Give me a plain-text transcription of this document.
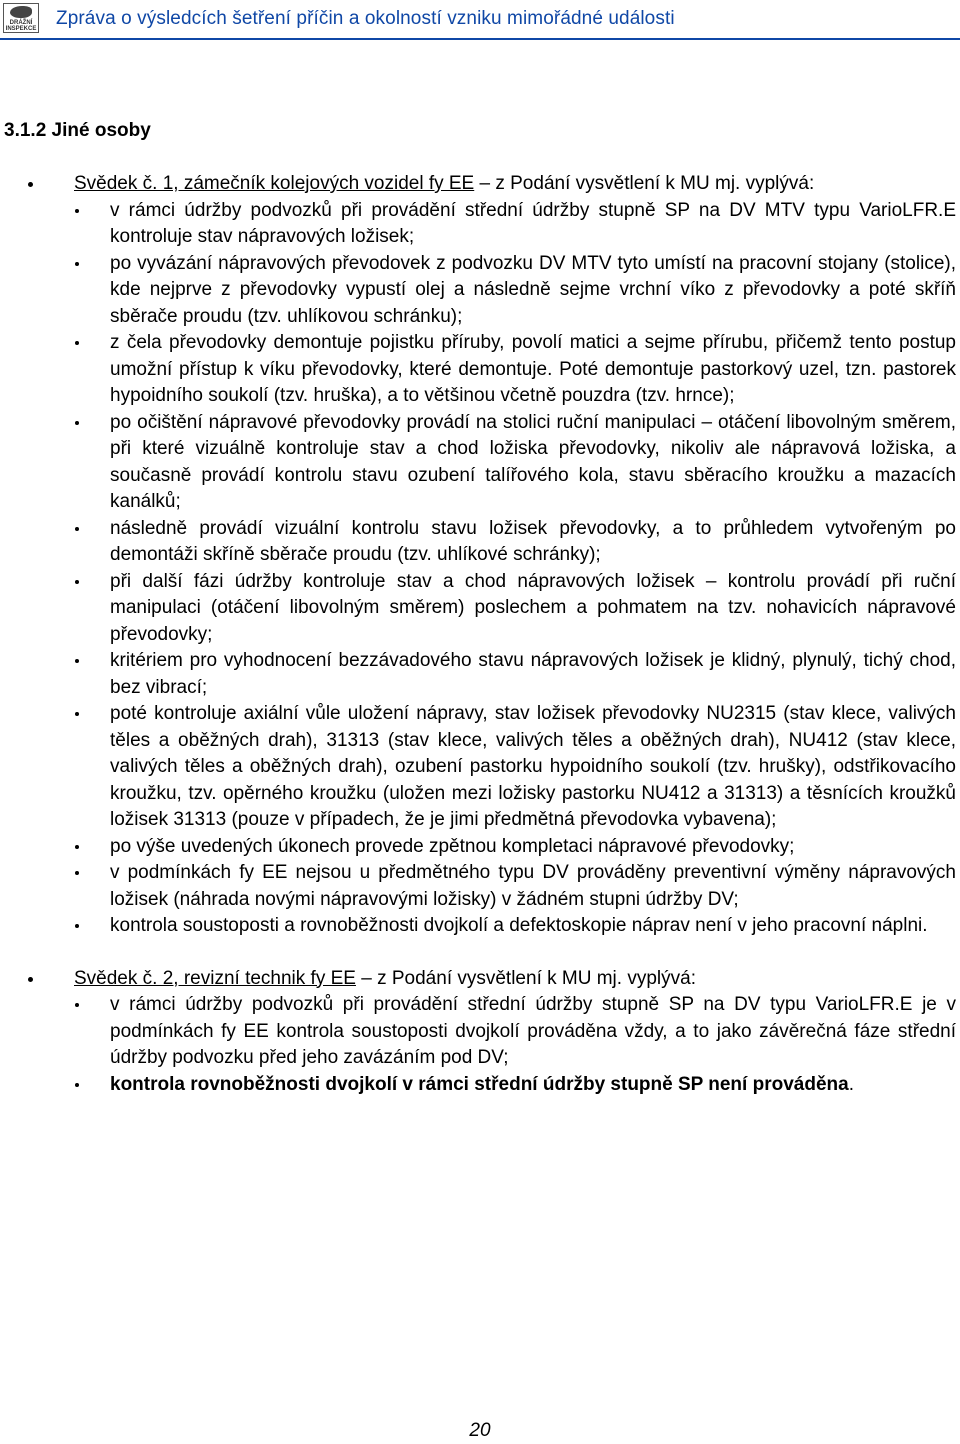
DRÁŽNÍ
INSPEKCE Zpráva o výsledcích šetření příčin a okolností vzniku mimořádné události
3.1.2 Jiné osoby
Svědek č. 1, zámečník kolejových vozidel fy EE – z Podání vysvětlení k MU mj. vyplývá:
v rámci údržby podvozků při provádění střední údržby stupně SP na DV MTV typu VarioLFR.E kontroluje stav nápravových ložisek;
po vyvázání nápravových převodovek z podvozku DV MTV tyto umístí na pracovní stojany (stolice), kde nejprve z převodovky vypustí olej a následně sejme vrchní víko z převodovky a poté skříň sběrače proudu (tzv. uhlíkovou schránku);
z čela převodovky demontuje pojistku příruby, povolí matici a sejme přírubu, přičemž tento postup umožní přístup k víku převodovky, které demontuje. Poté demontuje pastorkový uzel, tzn. pastorek hypoidního soukolí (tzv. hruška), a to většinou včetně pouzdra (tzv. hrnce);
po očištění nápravové převodovky provádí na stolici ruční manipulaci – otáčení libovolným směrem, při které vizuálně kontroluje stav a chod ložiska převodovky, nikoliv ale nápravová ložiska, a současně provádí kontrolu stavu ozubení talířového kola, stavu sběracího kroužku a mazacích kanálků;
následně provádí vizuální kontrolu stavu ložisek převodovky, a to průhledem vytvořeným po demontáži skříně sběrače proudu (tzv. uhlíkové schránky);
při další fázi údržby kontroluje stav a chod nápravových ložisek – kontrolu provádí při ruční manipulaci (otáčení libovolným směrem) poslechem a pohmatem na tzv. nohavicích nápravové převodovky;
kritériem pro vyhodnocení bezzávadového stavu nápravových ložisek je klidný, plynulý, tichý chod, bez vibrací;
poté kontroluje axiální vůle uložení nápravy, stav ložisek převodovky NU2315 (stav klece, valivých těles a oběžných drah), 31313 (stav klece, valivých těles a oběžných drah), NU412 (stav klece, valivých těles a oběžných drah), ozubení pastorku hypoidního soukolí (tzv. hrušky), odstřikovacího kroužku, tzv. opěrného kroužku (uložen mezi ložisky pastorku NU412 a 31313) a těsnících kroužků ložisek 31313 (pouze v případech, že je jimi předmětná převodovka vybavena);
po výše uvedených úkonech provede zpětnou kompletaci nápravové převodovky;
v podmínkách fy EE nejsou u předmětného typu DV prováděny preventivní výměny nápravových ložisek (náhrada novými nápravovými ložisky) v žádném stupni údržby DV;
kontrola soustoposti a rovnoběžnosti dvojkolí a defektoskopie náprav není v jeho pracovní náplni.
Svědek č. 2, revizní technik fy EE – z Podání vysvětlení k MU mj. vyplývá:
v rámci údržby podvozků při provádění střední údržby stupně SP na DV typu VarioLFR.E je v podmínkách fy EE kontrola soustoposti dvojkolí prováděna vždy, a to jako závěrečná fáze střední údržby podvozku před jeho zavázáním pod DV;
kontrola rovnoběžnosti dvojkolí v rámci střední údržby stupně SP není prováděna.
20
